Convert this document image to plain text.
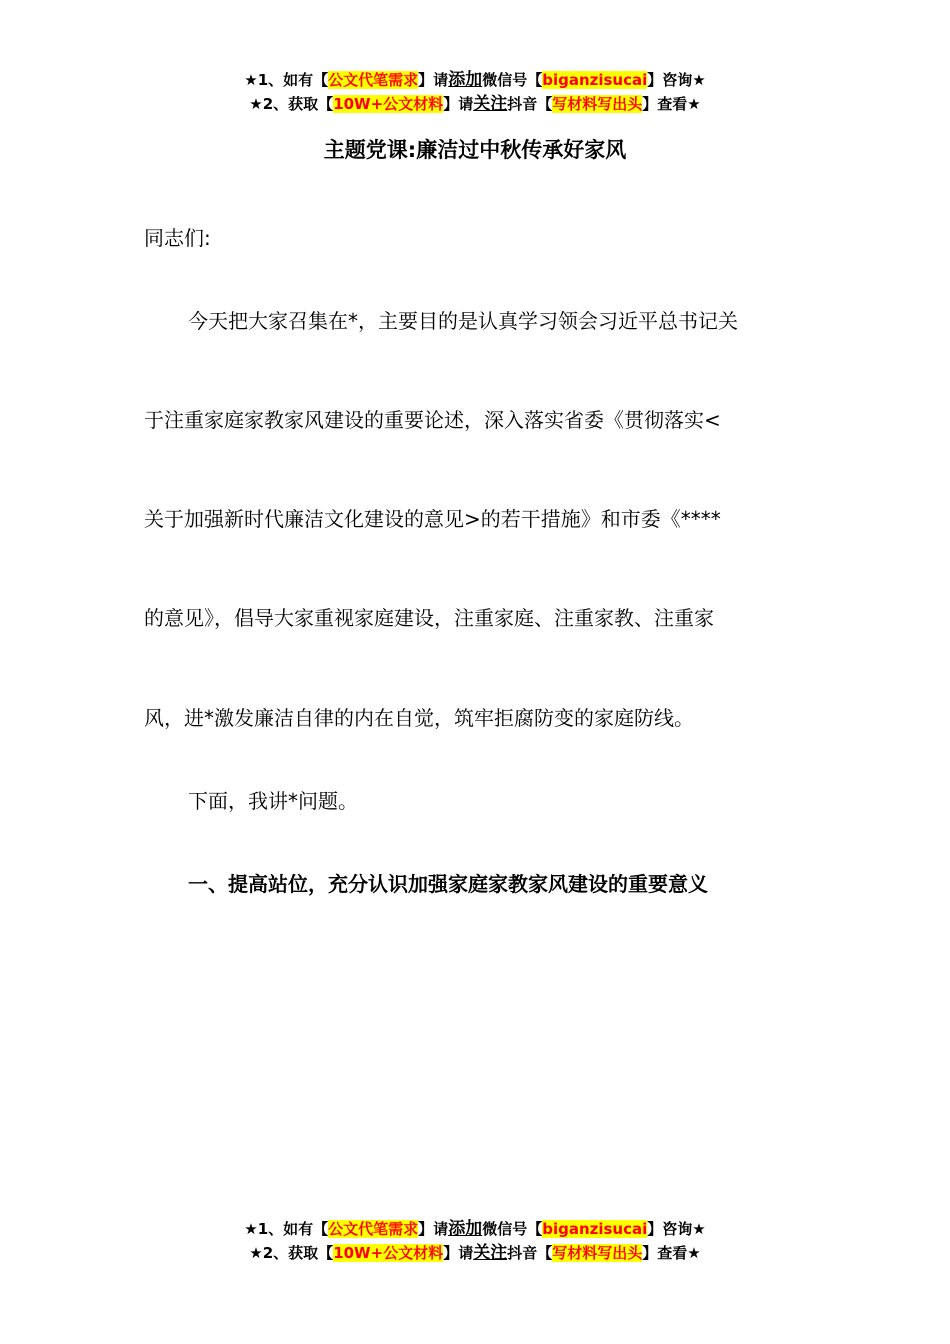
★1、如有【公文代笔需求】请添加微信号【biganzisucai】咨询★
★2、获取【10W+公文材料】请关注抖音【写材料写出头】查看★
主题党课:廉洁过中秋传承好家风
同志们:
今天把大家召集在*，主要目的是认真学习领会习近平总书记关
于注重家庭家教家风建设的重要论述，深入落实省委《贯彻落实<
关于加强新时代廉洁文化建设的意见>的若干措施》和市委《****
的意见》，倡导大家重视家庭建设，注重家庭、注重家教、注重家
风，进*激发廉洁自律的内在自觉，筑牢拒腐防变的家庭防线。
下面，我讲*问题。
一、提高站位，充分认识加强家庭家教家风建设的重要意义
★1、如有【公文代笔需求】请添加微信号【biganzisucai】咨询★
★2、获取【10W+公文材料】请关注抖音【写材料写出头】查看★
